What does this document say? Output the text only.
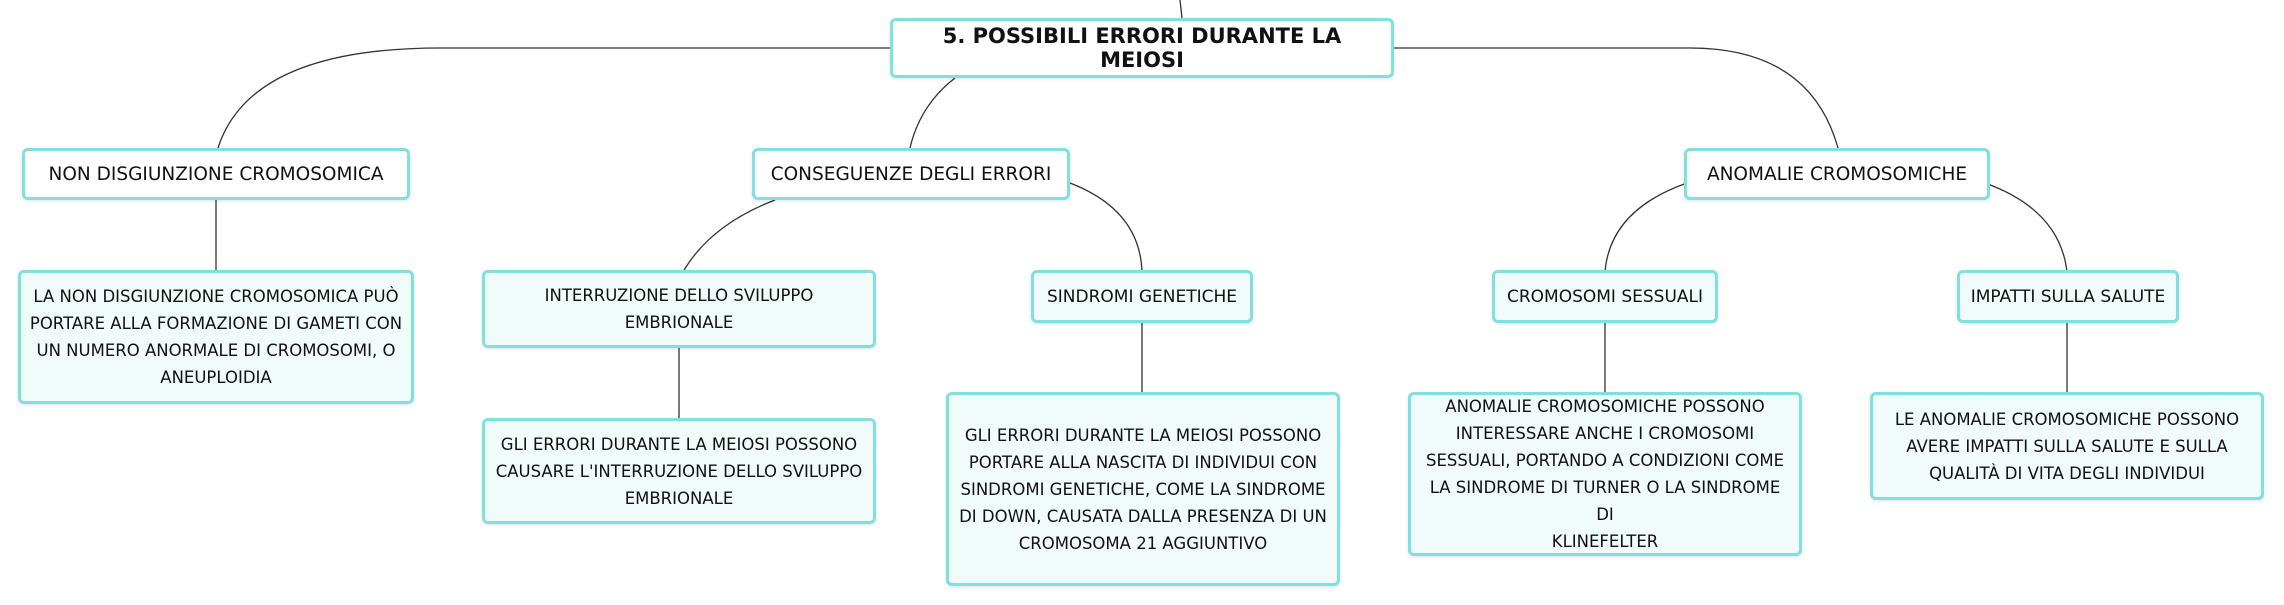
5. POSSIBILI ERRORI DURANTE LA MEIOSI
NON DISGIUNZIONE CROMOSOMICA	CONSEGUENZE DEGLI ERRORI	ANOMALIE CROMOSOMICHE
LA NON DISGIUNZIONE CROMOSOMICA PUÒ
PORTARE ALLA FORMAZIONE DI GAMETI CON
UN NUMERO ANORMALE DI CROMOSOMI, O
ANEUPLOIDIA
INTERRUZIONE DELLO SVILUPPO
EMBRIONALE
SINDROMI GENETICHE
GLI ERRORI DURANTE LA MEIOSI POSSONO
CAUSARE L'INTERRUZIONE DELLO SVILUPPO
EMBRIONALE
GLI ERRORI DURANTE LA MEIOSI POSSONO
PORTARE ALLA NASCITA DI INDIVIDUI CON
SINDROMI GENETICHE, COME LA SINDROME
DI DOWN, CAUSATA DALLA PRESENZA DI UN
CROMOSOMA 21 AGGIUNTIVO
CROMOSOMI SESSUALI	IMPATTI SULLA SALUTE
ANOMALIE CROMOSOMICHE POSSONO
INTERESSARE ANCHE I CROMOSOMI
SESSUALI, PORTANDO A CONDIZIONI COME
LA SINDROME DI TURNER O LA SINDROME DI
KLINEFELTER
LE ANOMALIE CROMOSOMICHE POSSONO
AVERE IMPATTI SULLA SALUTE E SULLA
QUALITÀ DI VITA DEGLI INDIVIDUI
